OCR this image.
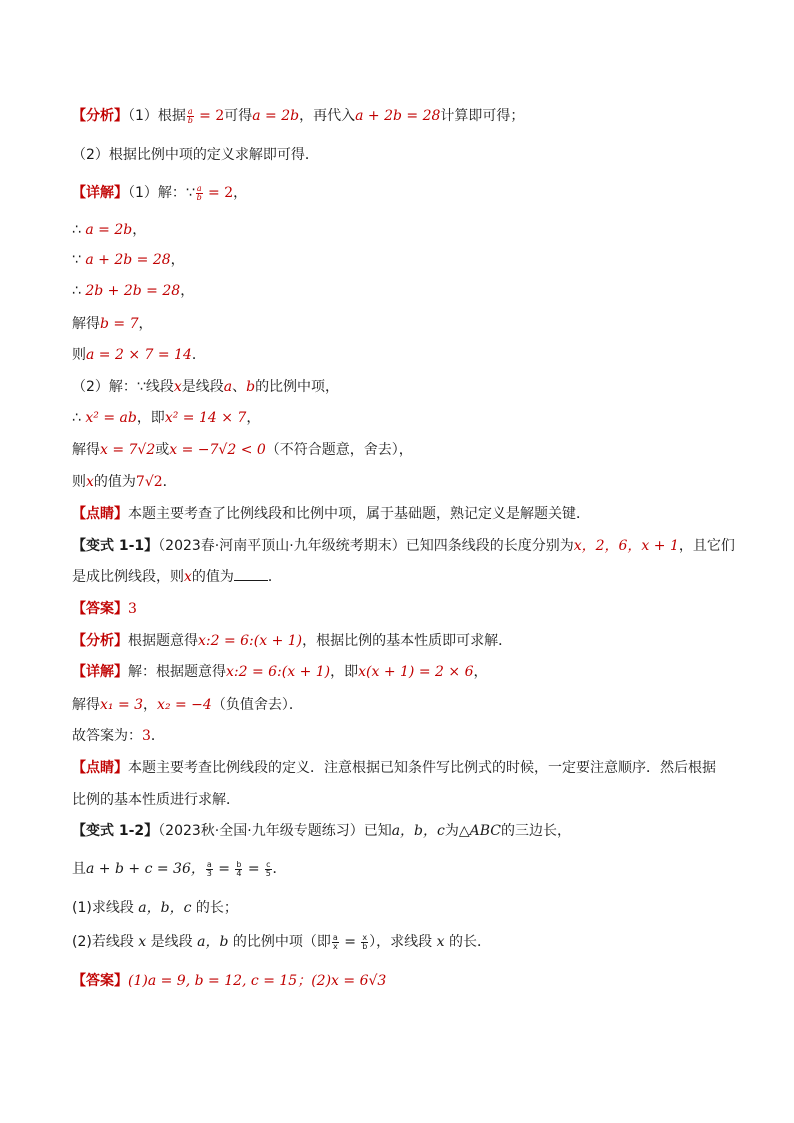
【分析】（1）根据 $\frac{a}{b} = 2$可得a = 2b，再代入a + 2b = 28计算即可得；
（2）根据比例中项的定义求解即可得．
【详解】（1）解：∵ $\frac{a}{b} = 2$，
∴ a = 2b，
∵ a + 2b = 28，
∴ 2b + 2b = 28，
解得b = 7，
则a = 2 × 7 = 14．
（2）解：∵线段x是线段a、b的比例中项，
∴ x² = ab，即x² = 14 × 7，
解得x = 7√2或x = −7√2 < 0（不符合题意，舍去），
则x的值为7√2．
【点睛】本题主要考查了比例线段和比例中项，属于基础题，熟记定义是解题关键．
【变式 1-1】（2023春·河南平顶山·九年级统考期末）已知四条线段的长度分别为x，2，6，x + 1，且它们
是成比例线段，则x的值为 ．
【答案】3
【分析】根据题意得x:2 = 6:(x + 1)，根据比例的基本性质即可求解．
【详解】解：根据题意得x:2 = 6:(x + 1)，即x(x + 1) = 2 × 6，
解得x₁ = 3，x₂ = −4（负值舍去）．
故答案为：3．
【点睛】本题主要考查比例线段的定义．注意根据已知条件写比例式的时候，一定要注意顺序．然后根据
比例的基本性质进行求解．
【变式 1-2】（2023秋·全国·九年级专题练习）已知a，b，c为△ABC的三边长，
且a + b + c = 36， $\frac{a}{3} = \frac{b}{4} = \frac{c}{5}$ ．
(1)求线段 a，b，c 的长；
(2)若线段 x 是线段 a，b 的比例中项（即 $\frac{a}{x} = \frac{x}{b}$ ），求线段 x 的长．
【答案】(1)a = 9, b = 12, c = 15；(2)x = 6√3
